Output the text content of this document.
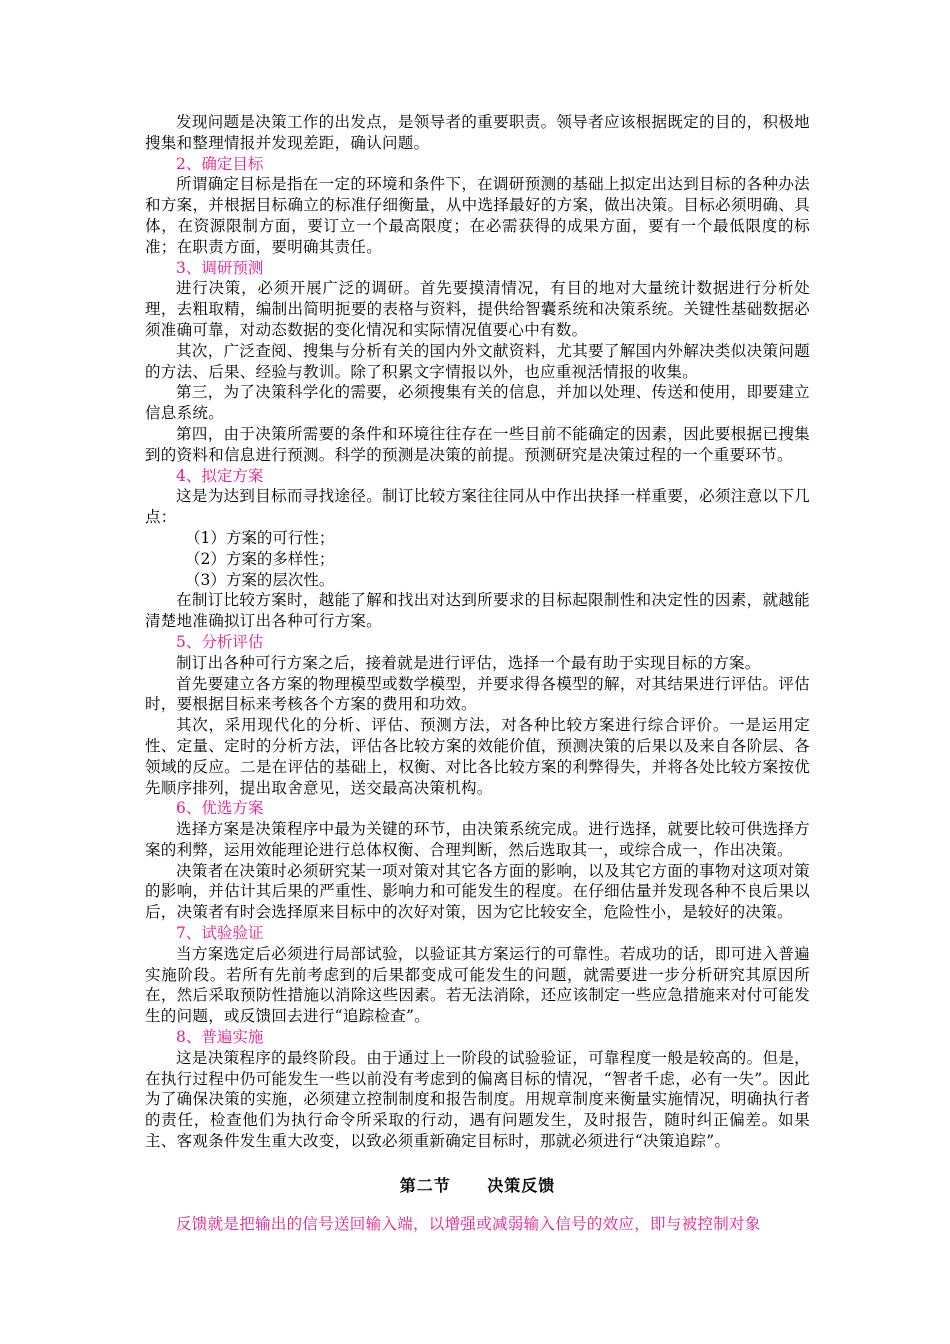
发现问题是决策工作的出发点，是领导者的重要职责。领导者应该根据既定的目的，积极地搜集和整理情报并发现差距，确认问题。

2、确定目标

所谓确定目标是指在一定的环境和条件下，在调研预测的基础上拟定出达到目标的各种办法和方案，并根据目标确立的标准仔细衡量，从中选择最好的方案，做出决策。目标必须明确、具体，在资源限制方面，要订立一个最高限度；在必需获得的成果方面，要有一个最低限度的标准；在职责方面，要明确其责任。

3、调研预测

进行决策，必须开展广泛的调研。首先要摸清情况，有目的地对大量统计数据进行分析处理，去粗取精，编制出简明扼要的表格与资料，提供给智囊系统和决策系统。关键性基础数据必须准确可靠，对动态数据的变化情况和实际情况值要心中有数。

其次，广泛查阅、搜集与分析有关的国内外文献资料，尤其要了解国内外解决类似决策问题的方法、后果、经验与教训。除了积累文字情报以外，也应重视活情报的收集。

第三，为了决策科学化的需要，必须搜集有关的信息，并加以处理、传送和使用，即要建立信息系统。

第四，由于决策所需要的条件和环境往往存在一些目前不能确定的因素，因此要根据已搜集到的资料和信息进行预测。科学的预测是决策的前提。预测研究是决策过程的一个重要环节。

4、拟定方案

这是为达到目标而寻找途径。制订比较方案往往同从中作出抉择一样重要，必须注意以下几点：

（1）方案的可行性；

（2）方案的多样性；

（3）方案的层次性。

在制订比较方案时，越能了解和找出对达到所要求的目标起限制性和决定性的因素，就越能清楚地准确拟订出各种可行方案。

5、分析评估

制订出各种可行方案之后，接着就是进行评估，选择一个最有助于实现目标的方案。

首先要建立各方案的物理模型或数学模型，并要求得各模型的解，对其结果进行评估。评估时，要根据目标来考核各个方案的费用和功效。

其次，采用现代化的分析、评估、预测方法，对各种比较方案进行综合评价。一是运用定性、定量、定时的分析方法，评估各比较方案的效能价值，预测决策的后果以及来自各阶层、各领域的反应。二是在评估的基础上，权衡、对比各比较方案的利弊得失，并将各处比较方案按优先顺序排列，提出取舍意见，送交最高决策机构。

6、优选方案

选择方案是决策程序中最为关键的环节，由决策系统完成。进行选择，就要比较可供选择方案的利弊，运用效能理论进行总体权衡、合理判断，然后选取其一，或综合成一，作出决策。

决策者在决策时必须研究某一项对策对其它各方面的影响，以及其它方面的事物对这项对策的影响，并估计其后果的严重性、影响力和可能发生的程度。在仔细估量并发现各种不良后果以后，决策者有时会选择原来目标中的次好对策，因为它比较安全，危险性小，是较好的决策。

7、试验验证

当方案选定后必须进行局部试验，以验证其方案运行的可靠性。若成功的话，即可进入普遍实施阶段。若所有先前考虑到的后果都变成可能发生的问题，就需要进一步分析研究其原因所在，然后采取预防性措施以消除这些因素。若无法消除，还应该制定一些应急措施来对付可能发生的问题，或反馈回去进行“追踪检查”。

8、普遍实施

这是决策程序的最终阶段。由于通过上一阶段的试验验证，可靠程度一般是较高的。但是，在执行过程中仍可能发生一些以前没有考虑到的偏离目标的情况，“智者千虑，必有一失”。因此为了确保决策的实施，必须建立控制制度和报告制度。用规章制度来衡量实施情况，明确执行者的责任，检查他们为执行命令所采取的行动，遇有问题发生，及时报告，随时纠正偏差。如果主、客观条件发生重大改变，以致必须重新确定目标时，那就必须进行“决策追踪”。

第二节 决策反馈

反馈就是把输出的信号送回输入端，以增强或减弱输入信号的效应，即与被控制对象
